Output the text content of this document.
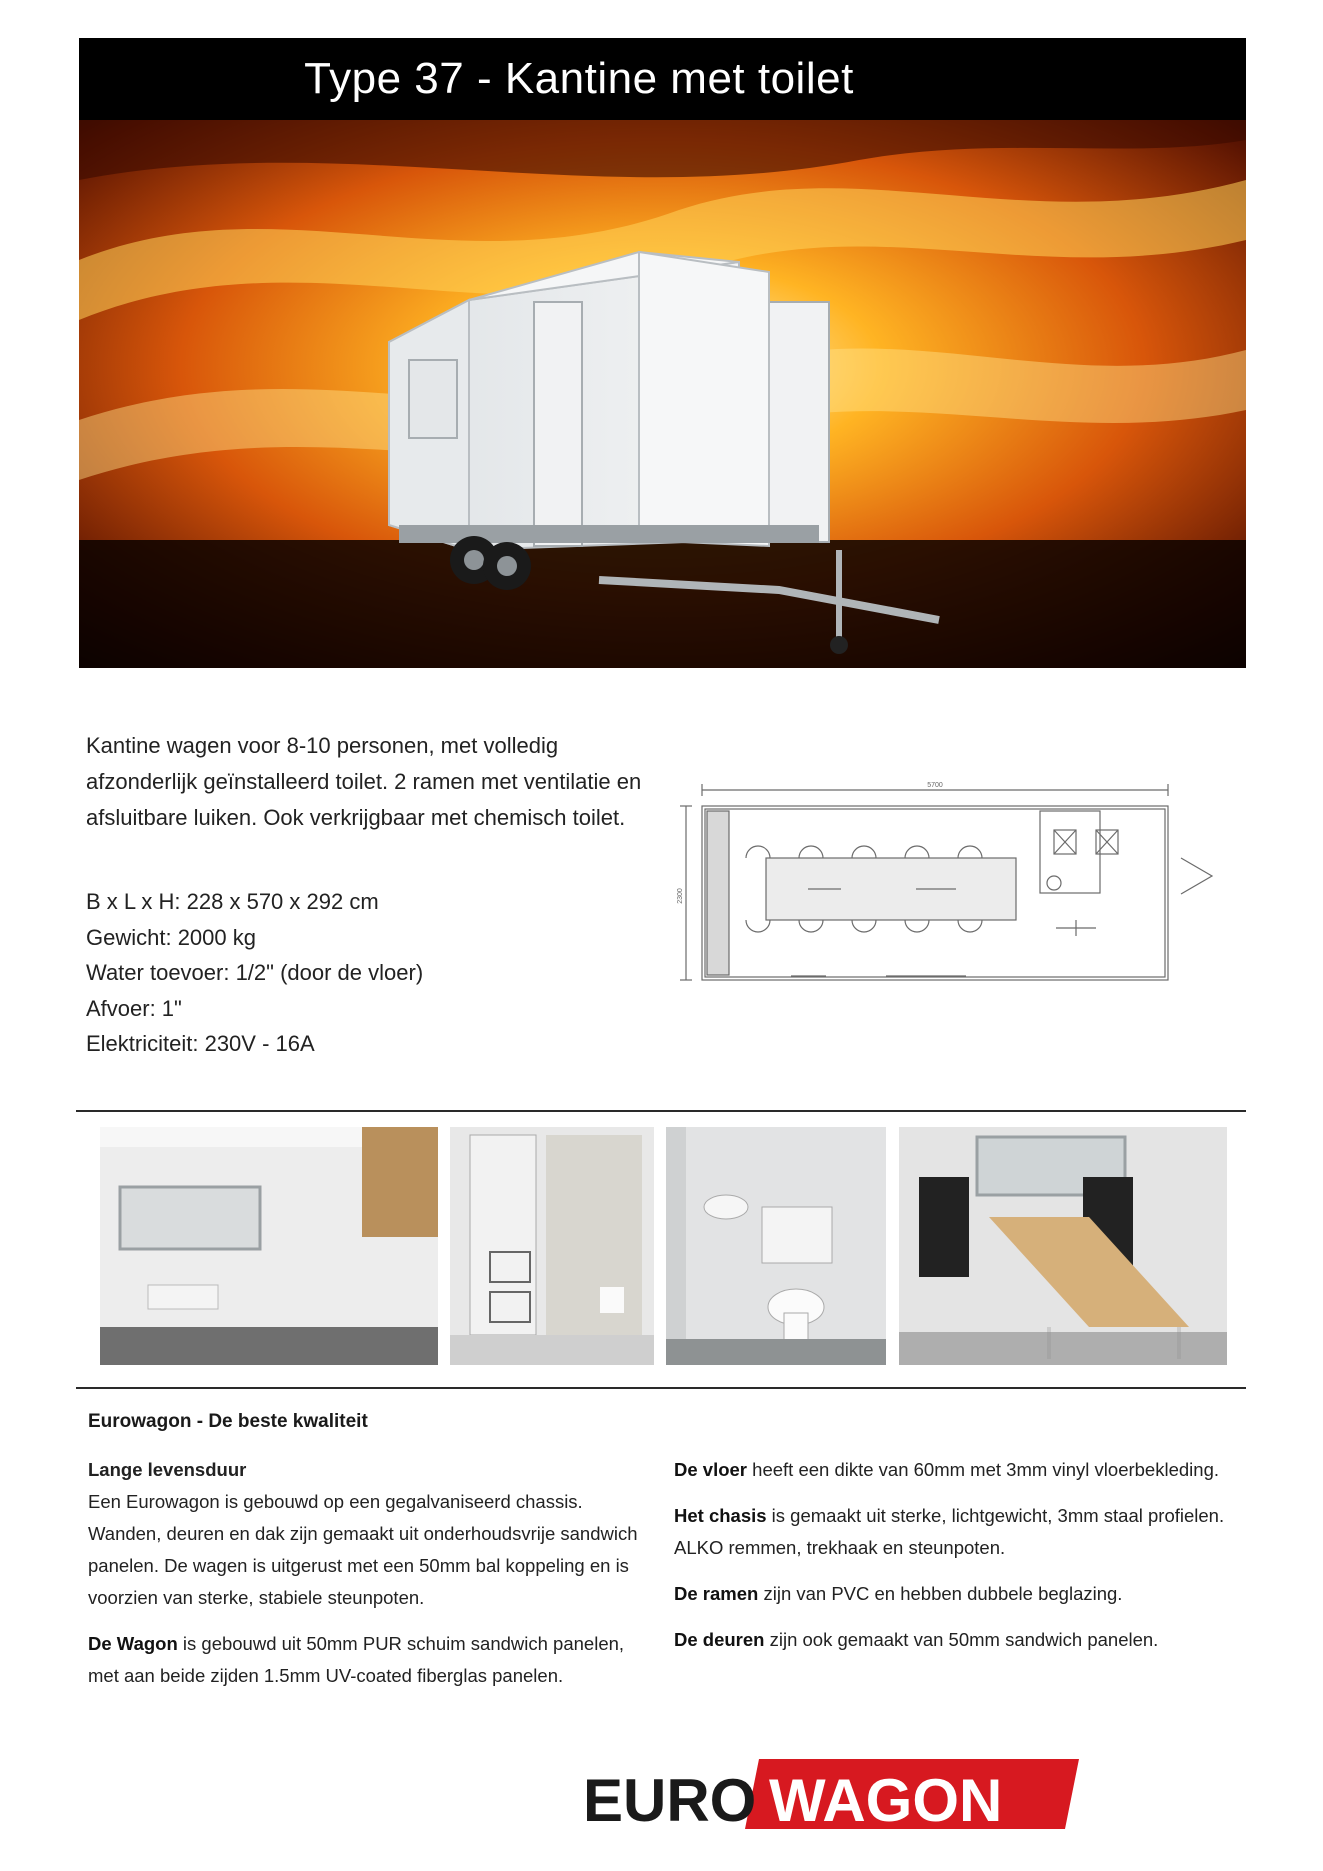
Type 37 - Kantine met toilet
Kantine wagen voor 8-10 personen, met volledig afzonderlijk geïnstalleerd toilet. 2 ramen met ventilatie en afsluitbare luiken. Ook verkrijgbaar met chemisch toilet.
B x L x H: 228 x 570 x 292 cm
Gewicht: 2000 kg
Water toevoer: 1/2" (door de vloer)
Afvoer: 1"
Elektriciteit: 230V - 16A
5700
2300
Eurowagon - De beste kwaliteit
Lange levensduur

Een Eurowagon is gebouwd op een gegalvaniseerd chassis. Wanden, deuren en dak zijn gemaakt uit onderhoudsvrije sandwich panelen. De wagen is uitgerust met een 50mm bal koppeling en is voorzien van sterke, stabiele steunpoten.

De Wagon is gebouwd uit 50mm PUR schuim sandwich panelen, met aan beide zijden 1.5mm UV-coated fiberglas panelen.

De vloer heeft een dikte van 60mm met 3mm vinyl vloerbekleding.

Het chasis is gemaakt uit sterke, lichtgewicht, 3mm staal profielen. ALKO remmen, trekhaak en steunpoten.

De ramen zijn van PVC en hebben dubbele beglazing.

De deuren zijn ook gemaakt van 50mm sandwich panelen.

EURO WAGON
